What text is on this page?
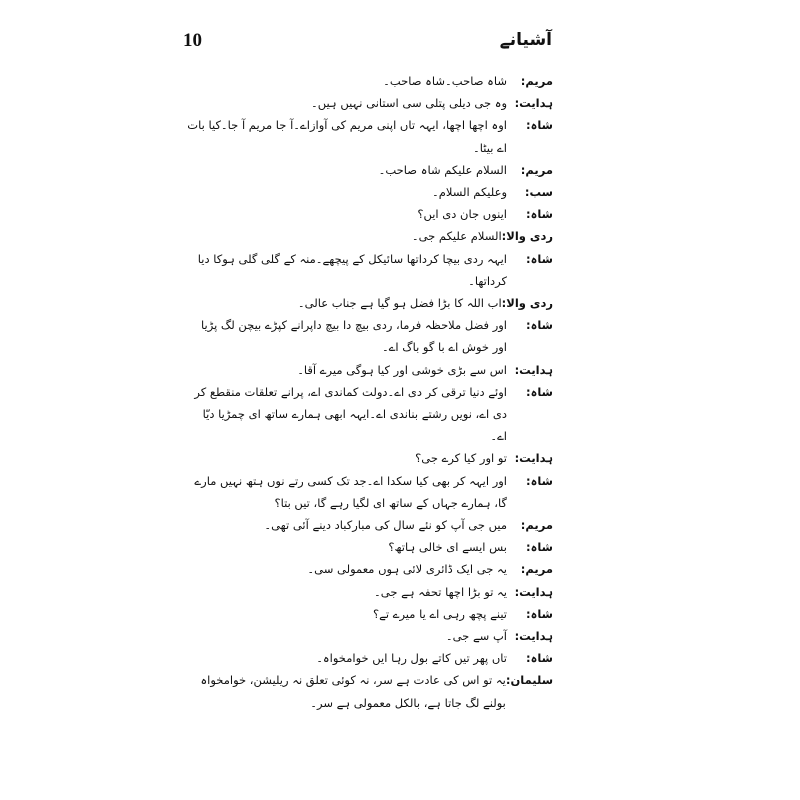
10	آشیانے
مریم:
شاہ صاحب۔شاہ صاحب۔
ہدایت:
وہ جی دیلی پتلی سی استانی نہیں ہیں۔
شاہ:
اوہ اچھا اچھا، ایہہ تاں اپنی مریم کی آوازاے۔آ جا مریم آ جا۔کیا بات اے بیٹا۔
مریم:
السلام علیکم شاہ صاحب۔
سب:
وعلیکم السلام۔
شاہ:
اینوں جان دی ایں؟
ردی والا:
السلام علیکم جی۔
شاہ:
ایہہ ردی بیچا کرداتھا سائیکل کے پیچھے۔منہ کے گلی گلی ہوکا دیا کرداتھا۔
ردی والا:
اب اللہ کا بڑا فضل ہو گیا ہے جناب عالی۔
شاہ:
اور فضل ملاحظہ فرما، ردی بیچ دا بیچ داپرانے کپڑے بیچن لگ پڑیا اور خوش اے با گو باگ اے۔
ہدایت:
اس سے بڑی خوشی اور کیا ہوگی میرے آقا۔
شاہ:
اوئے دنیا ترقی کر دی اے۔دولت کماندی اے، پرانے تعلقات منقطع کر دی اے، نویں رشتے بناندی اے۔ایہہ ابھی ہمارے ساتھ ای چمڑیا دیّا اے۔
ہدایت:
تو اور کیا کرے جی؟
شاہ:
اور ایہہ کر بھی کیا سکدا اے۔جد تک کسی رتے نوں ہتھ نہیں مارے گا، ہمارے جہاں کے ساتھ ای لگیا رہے گا، تیں بتا؟
مریم:
میں جی آپ کو نئے سال کی مبارکباد دینے آئی تھی۔
شاہ:
بس ایسے ای خالی ہاتھ؟
مریم:
یہ جی ایک ڈائری لائی ہوں معمولی سی۔
ہدایت:
یہ تو بڑا اچھا تحفہ ہے جی۔
شاہ:
تینے پچھ رہی اے یا میرے تے؟
ہدایت:
آپ سے جی۔
شاہ:
تاں پھر تیں کاتے بول رہا ایں خوامخواہ۔
سلیمان:
یہ تو اس کی عادت ہے سر، نہ کوئی تعلق نہ ریلیشن، خوامخواہ بولنے لگ جاتا ہے، بالکل معمولی ہے سر۔
